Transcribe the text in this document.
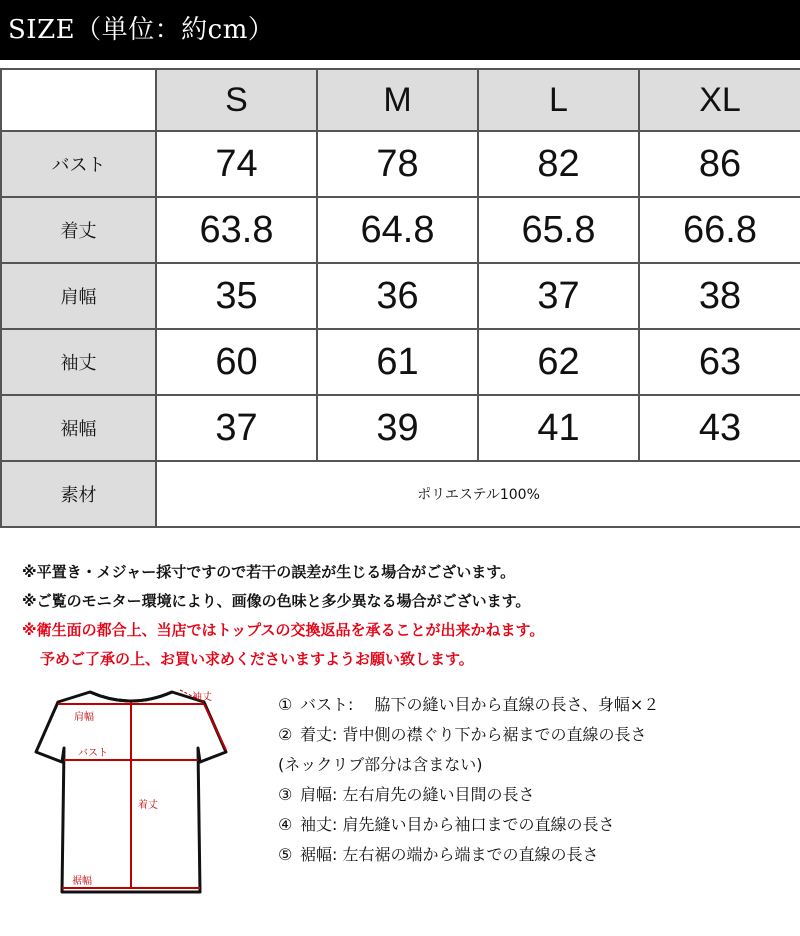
SIZE（単位：約cm）
	S	M	L	XL
バスト	74	78	82	86
着丈	63.8	64.8	65.8	66.8
肩幅	35	36	37	38
袖丈	60	61	62	63
裾幅	37	39	41	43
素材	ポリエステル100%			
※平置き・メジャー採寸ですので若干の誤差が生じる場合がございます。
※ご覧のモニター環境により、画像の色味と多少異なる場合がございます。
※衛生面の都合上、当店ではトップスの交換返品を承ることが出来かねます。
予めご了承の上、お買い求めくださいますようお願い致します。
袖丈
肩幅
バスト
着丈
裾幅
① バスト:　 脇下の縫い目から直線の長さ、身幅×２
② 着丈: 背中側の襟ぐり下から裾までの直線の長さ
(ネックリブ部分は含まない)
③ 肩幅: 左右肩先の縫い目間の長さ
④ 袖丈: 肩先縫い目から袖口までの直線の長さ
⑤ 裾幅: 左右裾の端から端までの直線の長さ
